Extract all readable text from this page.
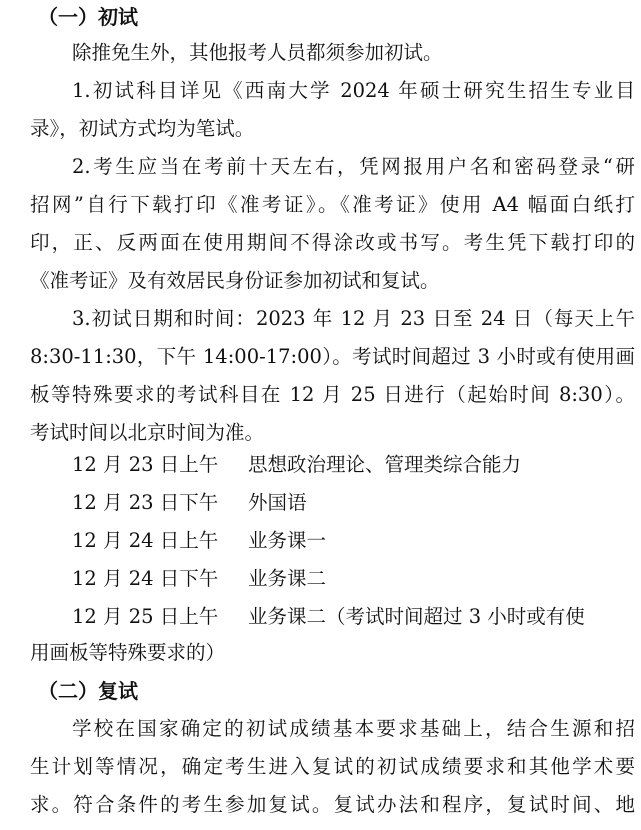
（一）初试
除推免生外，其他报考人员都须参加初试。
1.初试科目详见《西南大学 2024 年硕士研究生招生专业目
录》，初试方式均为笔试。
2.考生应当在考前十天左右，凭网报用户名和密码登录“研
招网”自行下载打印《准考证》。《准考证》使用 A4 幅面白纸打
印，正、反两面在使用期间不得涂改或书写。考生凭下载打印的
《准考证》及有效居民身份证参加初试和复试。
3.初试日期和时间：2023 年 12 月 23 日至 24 日（每天上午
8:30-11:30，下午 14:00-17:00）。考试时间超过 3 小时或有使用画
板等特殊要求的考试科目在 12 月 25 日进行（起始时间 8:30）。
考试时间以北京时间为准。
12 月 23 日上午 思想政治理论、管理类综合能力
12 月 23 日下午 外国语
12 月 24 日上午 业务课一
12 月 24 日下午 业务课二
12 月 25 日上午 业务课二（考试时间超过 3 小时或有使
用画板等特殊要求的）
（二）复试
学校在国家确定的初试成绩基本要求基础上，结合生源和招
生计划等情况，确定考生进入复试的初试成绩要求和其他学术要
求。符合条件的考生参加复试。复试办法和程序，复试时间、地
